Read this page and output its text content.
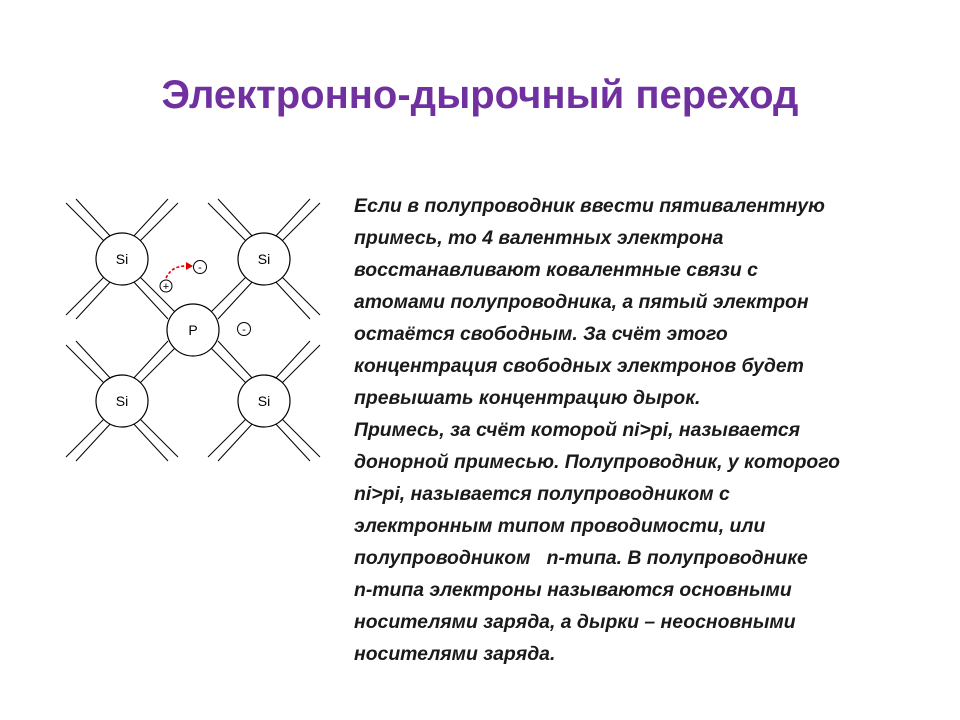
Электронно-дырочный переход
Si	Si
P
Si	Si
-
+
-
Если в полупроводник ввести пятивалентную
примесь, то 4 валентных электрона
восстанавливают ковалентные связи с
атомами полупроводника, а пятый электрон
остаётся свободным. За счёт этого
концентрация свободных электронов будет
превышать концентрацию дырок.
Примесь, за счёт которой ni>pi, называется
донорной примесью. Полупроводник, у которого
ni>pi, называется полупроводником с
электронным типом проводимости, или
полупроводником   n-типа. В полупроводнике
n-типа электроны называются основными
носителями заряда, а дырки – неосновными
носителями заряда.
